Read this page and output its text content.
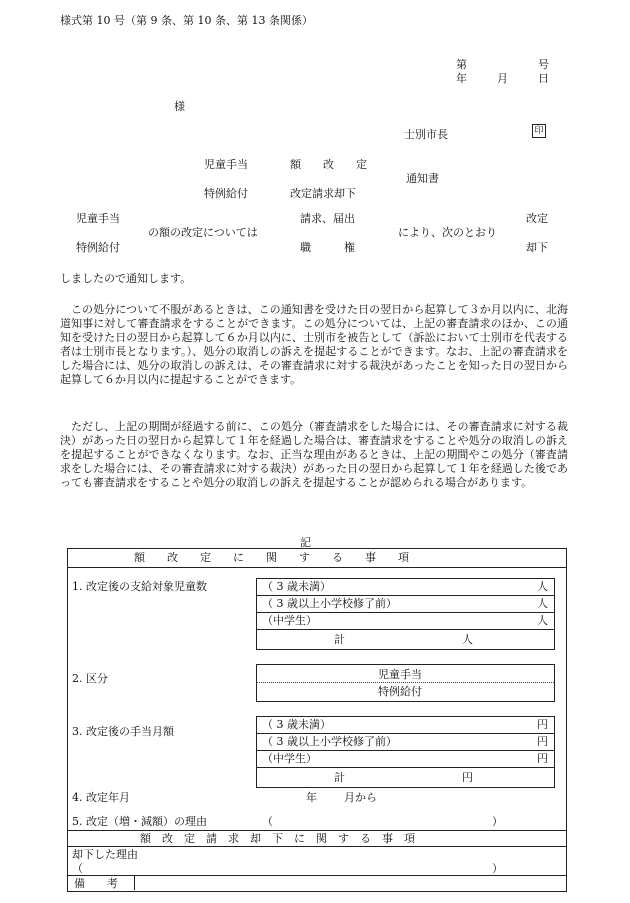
様式第 10 号（第 9 条、第 10 条、第 13 条関係）
第	号
年	月	日
様
士別市長	印
児童手当	額　　改　　定
通知書
特例給付	改定請求却下
児童手当	請求、届出	改定
の額の改定については	により、次のとおり
特例給付	職　　　権	却下
しましたので通知します。

この処分について不服があるときは、この通知書を受けた日の翌日から起算して３か月以内に、北海道知事に対して審査請求をすることができます。この処分については、上記の審査請求のほか、この通知を受けた日の翌日から起算して６か月以内に、士別市を被告として（訴訟において士別市を代表する者は士別市長となります。）、処分の取消しの訴えを提起することができます。なお、上記の審査請求をした場合には、処分の取消しの訴えは、その審査請求に対する裁決があったことを知った日の翌日から起算して６か月以内に提起することができます。

ただし、上記の期間が経過する前に、この処分（審査請求をした場合には、その審査請求に対する裁決）があった日の翌日から起算して１年を経過した場合は、審査請求をすることや処分の取消しの訴えを提起することができなくなります。なお、正当な理由があるときは、上記の期間やこの処分（審査請求をした場合には、その審査請求に対する裁決）があった日の翌日から起算して１年を経過した後であっても審査請求をすることや処分の取消しの訴えを提起することが認められる場合があります。

記
額　　改　　定　　に　　関　　す　　る　　事　　項
1. 改定後の支給対象児童数	（ 3 歳未満）	人
（ 3 歳以上小学校修了前）	人
（中学生）	人
計	人
2. 区分	児童手当
特例給付
3. 改定後の手当月額
（ 3 歳未満）	円
（ 3 歳以上小学校修了前）	円
（中学生）	円
計	円
4. 改定年月	年 月から
5. 改定（増・減額）の理由	（	）
額　改　定　請　求　却　下　に　関　す　る　事　項
却下した理由
（	）
備　　考
